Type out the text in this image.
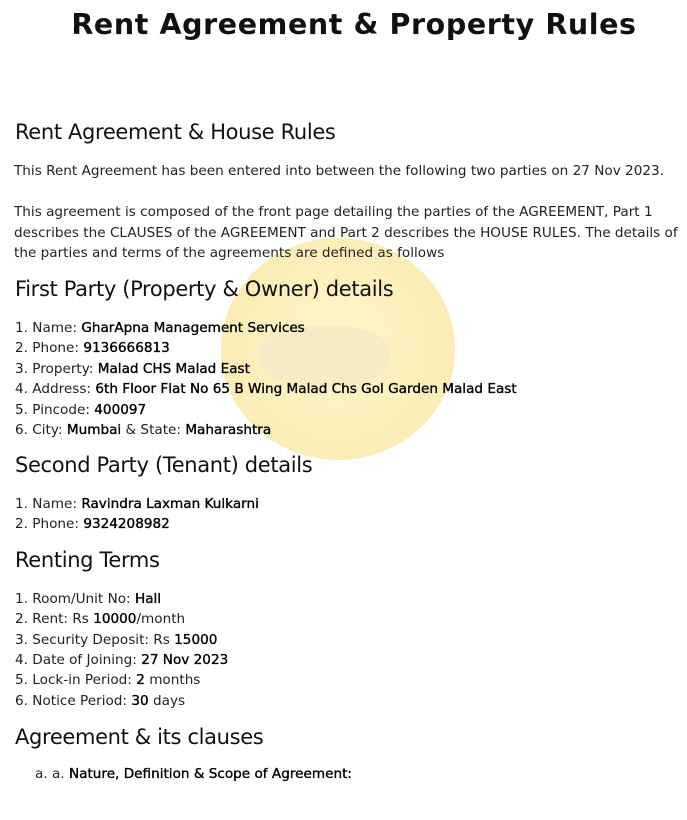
Rent Agreement & Property Rules
Rent Agreement & House Rules

This Rent Agreement has been entered into between the following two parties on 27 Nov 2023.

This agreement is composed of the front page detailing the parties of the AGREEMENT, Part 1 describes the CLAUSES of the AGREEMENT and Part 2 describes the HOUSE RULES. The details of the parties and terms of the agreements are defined as follows

First Party (Property & Owner) details

1. Name: GharApna Management Services

2. Phone: 9136666813

3. Property: Malad CHS Malad East

4. Address: 6th Floor Flat No 65 B Wing Malad Chs Gol Garden Malad East

5. Pincode: 400097

6. City: Mumbai & State: Maharashtra

Second Party (Tenant) details

1. Name: Ravindra Laxman Kulkarni

2. Phone: 9324208982

Renting Terms

1. Room/Unit No: Hall

2. Rent: Rs 10000/month

3. Security Deposit: Rs 15000

4. Date of Joining: 27 Nov 2023

5. Lock-in Period: 2 months

6. Notice Period: 30 days

Agreement & its clauses

a. a. Nature, Definition & Scope of Agreement:
